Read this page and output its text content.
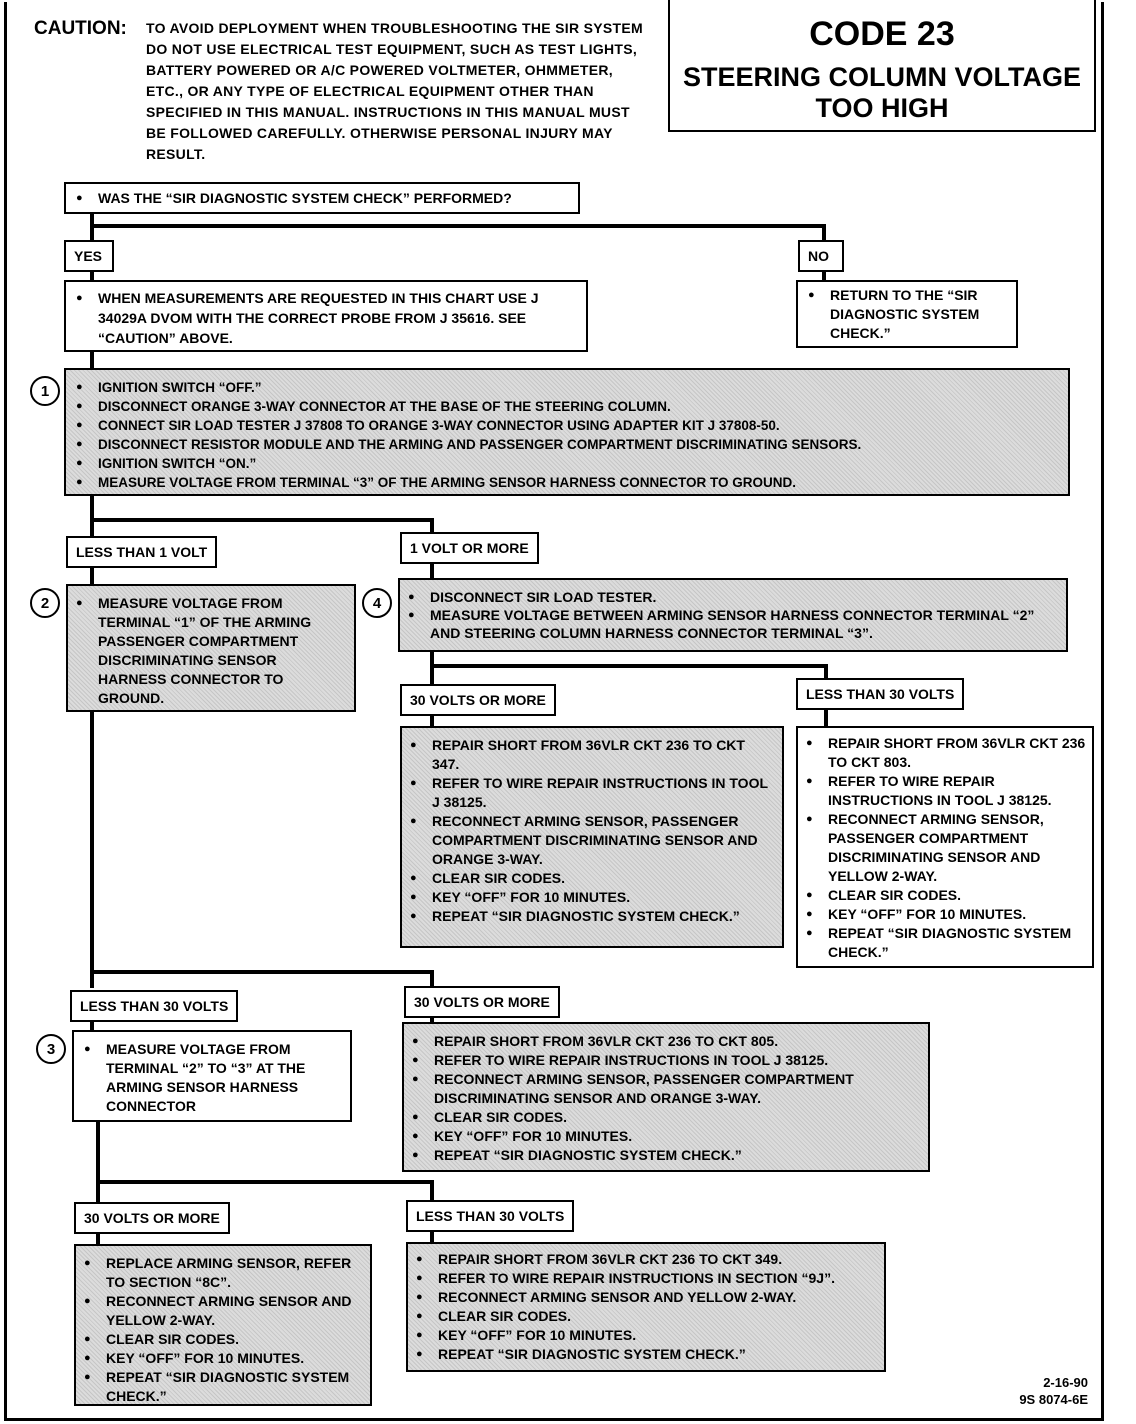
CAUTION: TO AVOID DEPLOYMENT WHEN TROUBLESHOOTING THE SIR SYSTEM DO NOT USE ELECTRICAL TEST EQUIPMENT, SUCH AS TEST LIGHTS, BATTERY POWERED OR A/C POWERED VOLTMETER, OHMMETER, ETC., OR ANY TYPE OF ELECTRICAL EQUIPMENT OTHER THAN SPECIFIED IN THIS MANUAL. INSTRUCTIONS IN THIS MANUAL MUST BE FOLLOWED CAREFULLY. OTHERWISE PERSONAL INJURY MAY RESULT.
CODE 23
STEERING COLUMN VOLTAGE
TOO HIGH
● WAS THE “SIR DIAGNOSTIC SYSTEM CHECK” PERFORMED?
YES	NO
● WHEN MEASUREMENTS ARE REQUESTED IN THIS CHART USE J 34029A DVOM WITH THE CORRECT PROBE FROM J 35616. SEE “CAUTION” ABOVE.
● RETURN TO THE “SIR DIAGNOSTIC SYSTEM CHECK.”
1	● IGNITION SWITCH “OFF.”
● DISCONNECT ORANGE 3-WAY CONNECTOR AT THE BASE OF THE STEERING COLUMN.
● CONNECT SIR LOAD TESTER J 37808 TO ORANGE 3-WAY CONNECTOR USING ADAPTER KIT J 37808-50.
● DISCONNECT RESISTOR MODULE AND THE ARMING AND PASSENGER COMPARTMENT DISCRIMINATING SENSORS.
● IGNITION SWITCH “ON.”
● MEASURE VOLTAGE FROM TERMINAL “3” OF THE ARMING SENSOR HARNESS CONNECTOR TO GROUND.
LESS THAN 1 VOLT	1 VOLT OR MORE
2	● MEASURE VOLTAGE FROM TERMINAL “1” OF THE ARMING PASSENGER COMPARTMENT DISCRIMINATING SENSOR HARNESS CONNECTOR TO GROUND.
4	● DISCONNECT SIR LOAD TESTER.
● MEASURE VOLTAGE BETWEEN ARMING SENSOR HARNESS CONNECTOR TERMINAL “2” AND STEERING COLUMN HARNESS CONNECTOR TERMINAL “3”.
30 VOLTS OR MORE	LESS THAN 30 VOLTS
● REPAIR SHORT FROM 36VLR CKT 236 TO CKT 347.
● REFER TO WIRE REPAIR INSTRUCTIONS IN TOOL J 38125.
● RECONNECT ARMING SENSOR, PASSENGER COMPARTMENT DISCRIMINATING SENSOR AND ORANGE 3-WAY.
● CLEAR SIR CODES.
● KEY “OFF” FOR 10 MINUTES.
● REPEAT “SIR DIAGNOSTIC SYSTEM CHECK.”
● REPAIR SHORT FROM 36VLR CKT 236 TO CKT 803.
● REFER TO WIRE REPAIR INSTRUCTIONS IN TOOL J 38125.
● RECONNECT ARMING SENSOR, PASSENGER COMPARTMENT DISCRIMINATING SENSOR AND YELLOW 2-WAY.
● CLEAR SIR CODES.
● KEY “OFF” FOR 10 MINUTES.
● REPEAT “SIR DIAGNOSTIC SYSTEM CHECK.”
LESS THAN 30 VOLTS	30 VOLTS OR MORE
3	● MEASURE VOLTAGE FROM TERMINAL “2” TO “3” AT THE ARMING SENSOR HARNESS CONNECTOR
● REPAIR SHORT FROM 36VLR CKT 236 TO CKT 805.
● REFER TO WIRE REPAIR INSTRUCTIONS IN TOOL J 38125.
● RECONNECT ARMING SENSOR, PASSENGER COMPARTMENT DISCRIMINATING SENSOR AND ORANGE 3-WAY.
● CLEAR SIR CODES.
● KEY “OFF” FOR 10 MINUTES.
● REPEAT “SIR DIAGNOSTIC SYSTEM CHECK.”
30 VOLTS OR MORE	LESS THAN 30 VOLTS
● REPLACE ARMING SENSOR, REFER TO SECTION “8C”.
● RECONNECT ARMING SENSOR AND YELLOW 2-WAY.
● CLEAR SIR CODES.
● KEY “OFF” FOR 10 MINUTES.
● REPEAT “SIR DIAGNOSTIC SYSTEM CHECK.”
● REPAIR SHORT FROM 36VLR CKT 236 TO CKT 349.
● REFER TO WIRE REPAIR INSTRUCTIONS IN SECTION “9J”.
● RECONNECT ARMING SENSOR AND YELLOW 2-WAY.
● CLEAR SIR CODES.
● KEY “OFF” FOR 10 MINUTES.
● REPEAT “SIR DIAGNOSTIC SYSTEM CHECK.”
2-16-90
9S 8074-6E
